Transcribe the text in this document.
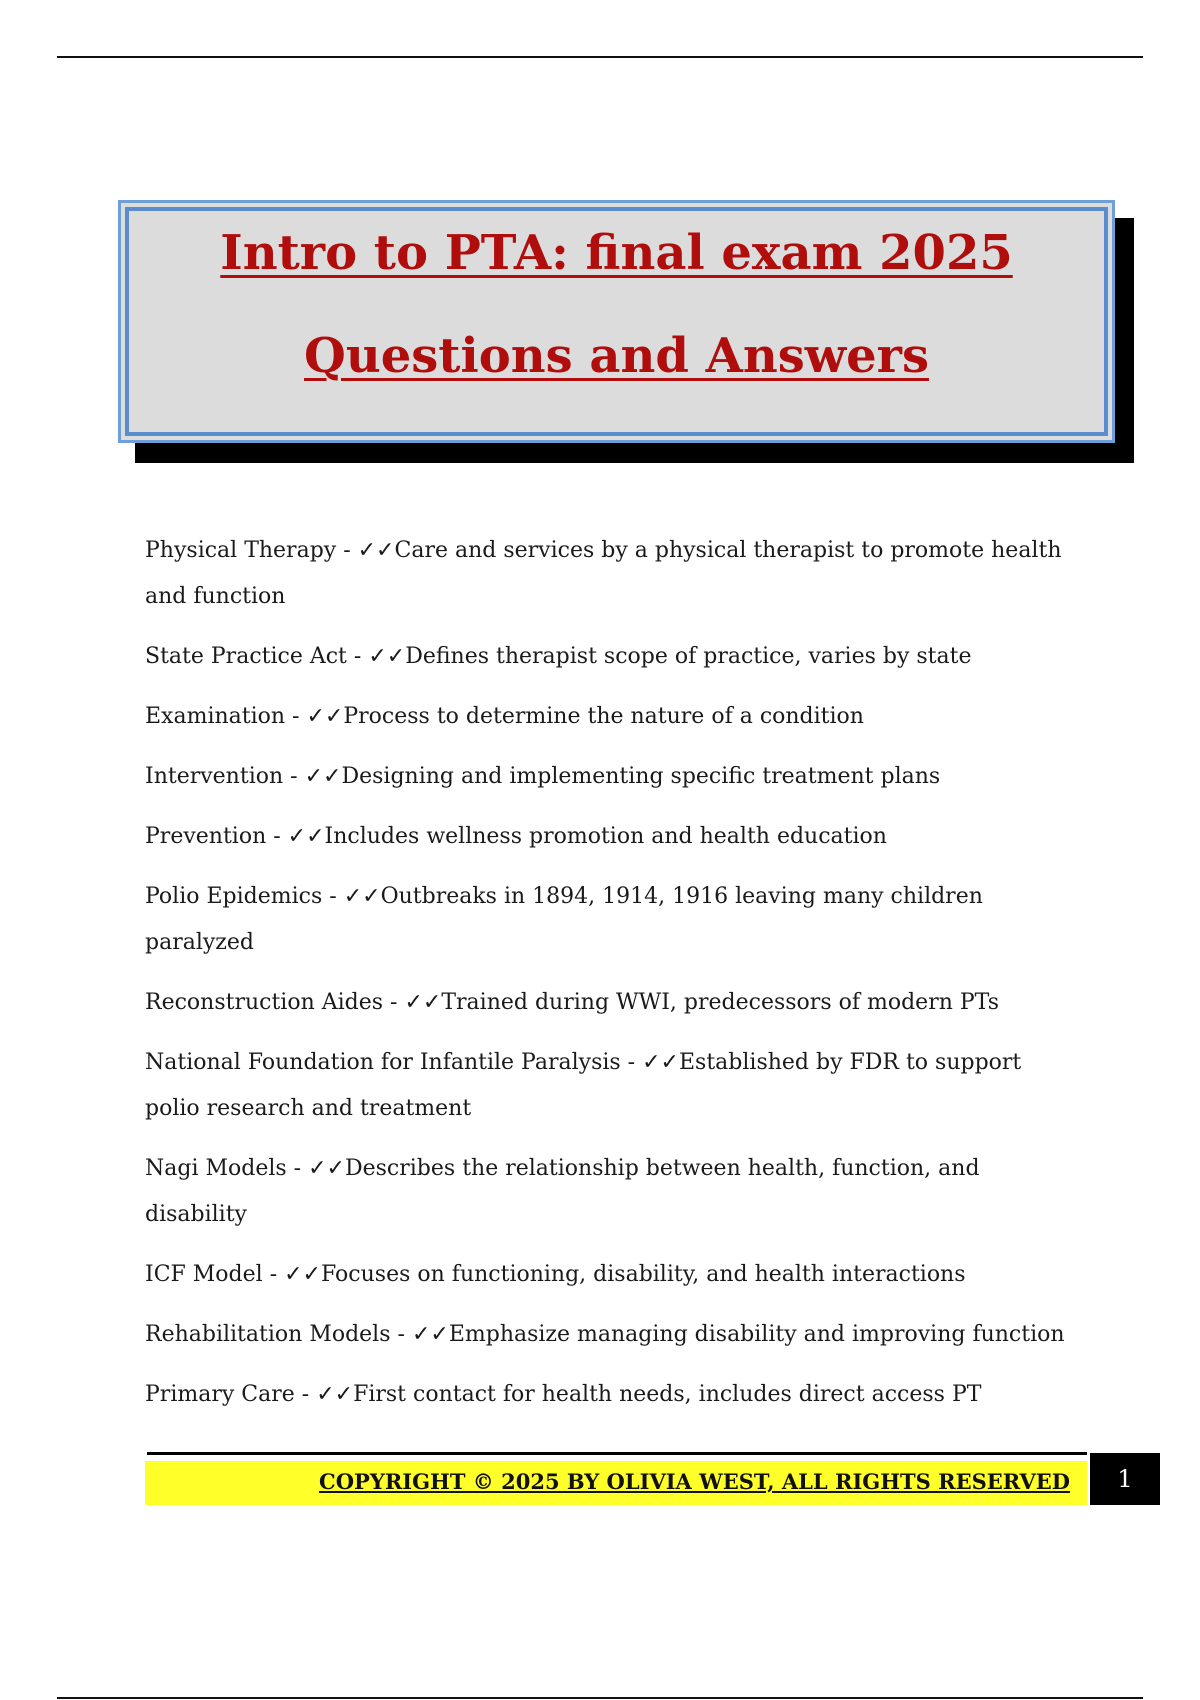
Intro to PTA: final exam 2025
Questions and Answers
Physical Therapy - ✓✓Care and services by a physical therapist to promote health and function
State Practice Act - ✓✓Defines therapist scope of practice, varies by state
Examination - ✓✓Process to determine the nature of a condition
Intervention - ✓✓Designing and implementing specific treatment plans
Prevention - ✓✓Includes wellness promotion and health education
Polio Epidemics - ✓✓Outbreaks in 1894, 1914, 1916 leaving many children paralyzed
Reconstruction Aides - ✓✓Trained during WWI, predecessors of modern PTs
National Foundation for Infantile Paralysis - ✓✓Established by FDR to support polio research and treatment
Nagi Models - ✓✓Describes the relationship between health, function, and disability
ICF Model - ✓✓Focuses on functioning, disability, and health interactions
Rehabilitation Models - ✓✓Emphasize managing disability and improving function
Primary Care - ✓✓First contact for health needs, includes direct access PT
COPYRIGHT © 2025 BY OLIVIA WEST, ALL RIGHTS RESERVED	1
